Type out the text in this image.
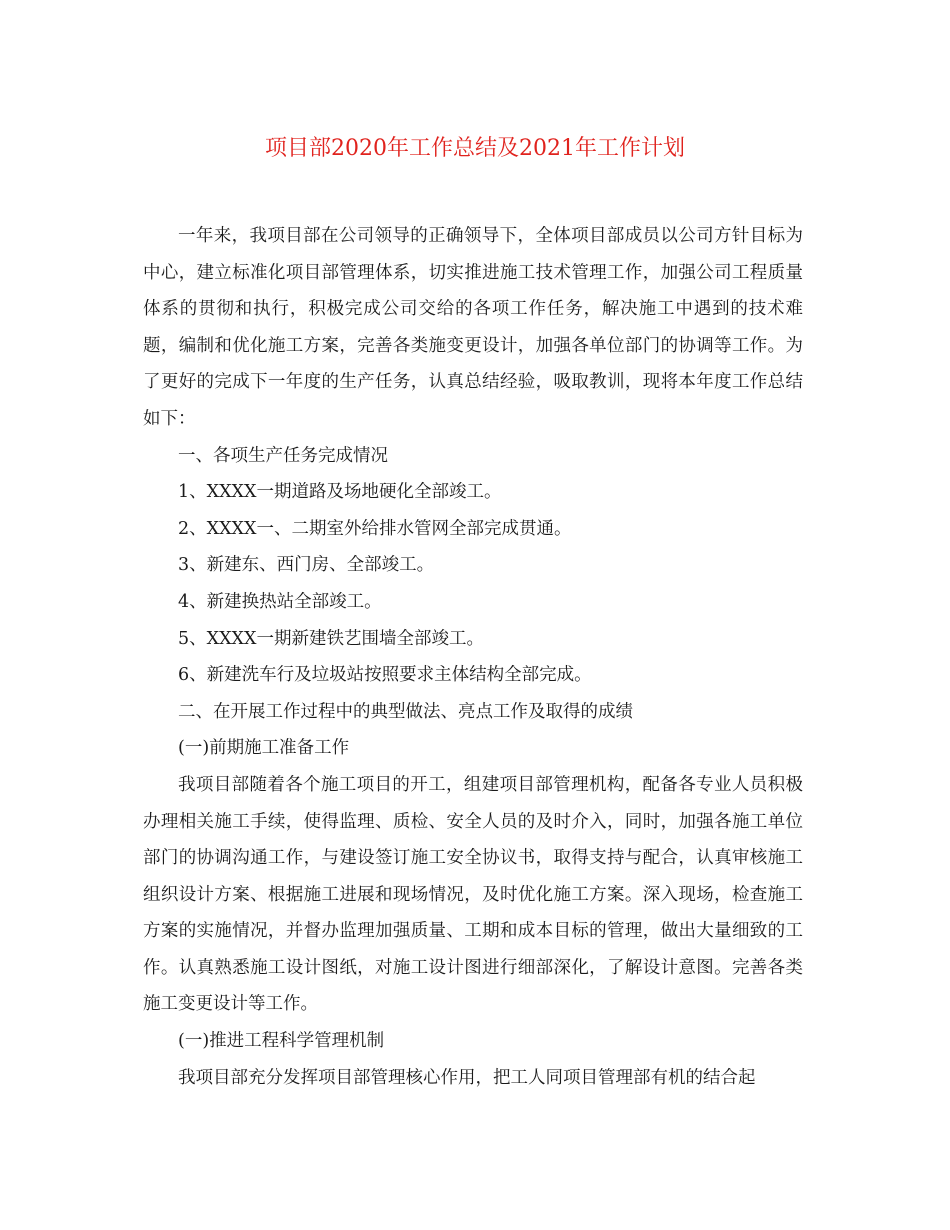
项目部2020年工作总结及2021年工作计划

一年来，我项目部在公司领导的正确领导下，全体项目部成员以公司方针目标为中心，建立标准化项目部管理体系，切实推进施工技术管理工作，加强公司工程质量体系的贯彻和执行，积极完成公司交给的各项工作任务，解决施工中遇到的技术难题，编制和优化施工方案，完善各类施变更设计，加强各单位部门的协调等工作。为了更好的完成下一年度的生产任务，认真总结经验，吸取教训，现将本年度工作总结如下：

一、各项生产任务完成情况

1、XXXX一期道路及场地硬化全部竣工。

2、XXXX一、二期室外给排水管网全部完成贯通。

3、新建东、西门房、全部竣工。

4、新建换热站全部竣工。

5、XXXX一期新建铁艺围墙全部竣工。

6、新建洗车行及垃圾站按照要求主体结构全部完成。

二、在开展工作过程中的典型做法、亮点工作及取得的成绩

(一)前期施工准备工作

我项目部随着各个施工项目的开工，组建项目部管理机构，配备各专业人员积极办理相关施工手续，使得监理、质检、安全人员的及时介入，同时，加强各施工单位部门的协调沟通工作，与建设签订施工安全协议书，取得支持与配合，认真审核施工组织设计方案、根据施工进展和现场情况，及时优化施工方案。深入现场，检查施工方案的实施情况，并督办监理加强质量、工期和成本目标的管理，做出大量细致的工作。认真熟悉施工设计图纸，对施工设计图进行细部深化，了解设计意图。完善各类施工变更设计等工作。

(一)推进工程科学管理机制

我项目部充分发挥项目部管理核心作用，把工人同项目管理部有机的结合起
